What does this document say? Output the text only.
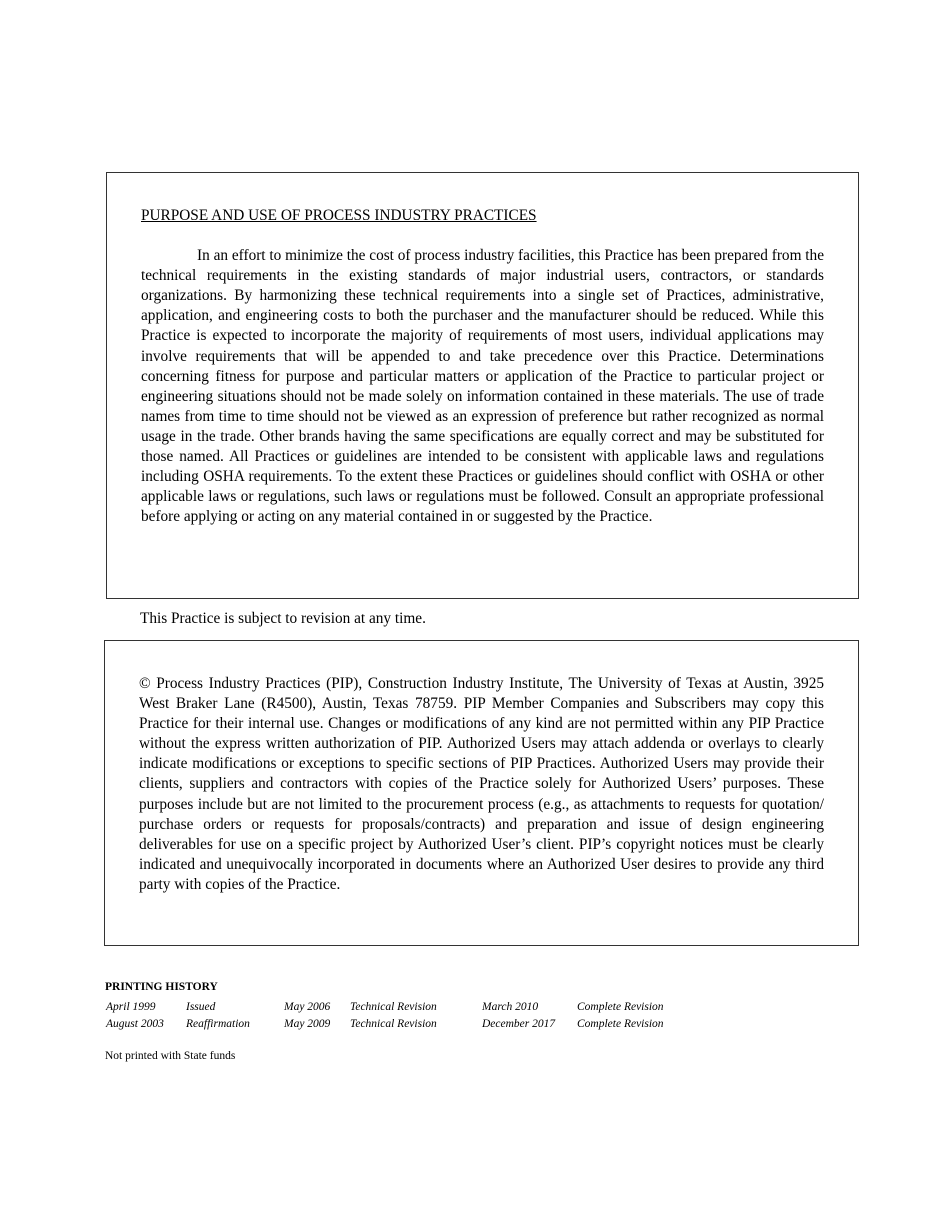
PURPOSE AND USE OF PROCESS INDUSTRY PRACTICES

In an effort to minimize the cost of process industry facilities, this Practice has been prepared from the technical requirements in the existing standards of major industrial users, contractors, or standards organizations. By harmonizing these technical requirements into a single set of Practices, administrative, application, and engineering costs to both the purchaser and the manufacturer should be reduced. While this Practice is expected to incorporate the majority of requirements of most users, individual applications may involve requirements that will be appended to and take precedence over this Practice. Determinations concerning fitness for purpose and particular matters or application of the Practice to particular project or engineering situations should not be made solely on information contained in these materials. The use of trade names from time to time should not be viewed as an expression of preference but rather recognized as normal usage in the trade. Other brands having the same specifications are equally correct and may be substituted for those named. All Practices or guidelines are intended to be consistent with applicable laws and regulations including OSHA requirements. To the extent these Practices or guidelines should conflict with OSHA or other applicable laws or regulations, such laws or regulations must be followed. Consult an appropriate professional before applying or acting on any material contained in or suggested by the Practice.

This Practice is subject to revision at any time.

© Process Industry Practices (PIP), Construction Industry Institute, The University of Texas at Austin, 3925 West Braker Lane (R4500), Austin, Texas 78759. PIP Member Companies and Subscribers may copy this Practice for their internal use. Changes or modifications of any kind are not permitted within any PIP Practice without the express written authorization of PIP. Authorized Users may attach addenda or overlays to clearly indicate modifications or exceptions to specific sections of PIP Practices. Authorized Users may provide their clients, suppliers and contractors with copies of the Practice solely for Authorized Users’ purposes. These purposes include but are not limited to the procurement process (e.g., as attachments to requests for quotation/ purchase orders or requests for proposals/contracts) and preparation and issue of design engineering deliverables for use on a specific project by Authorized User’s client. PIP’s copyright notices must be clearly indicated and unequivocally incorporated in documents where an Authorized User desires to provide any third party with copies of the Practice.

PRINTING HISTORY
April 1999	Issued	May 2006 Technical Revision	March 2010	Complete Revision
August 2003 Reaffirmation	May 2009 Technical Revision	December 2017 Complete Revision
Not printed with State funds
